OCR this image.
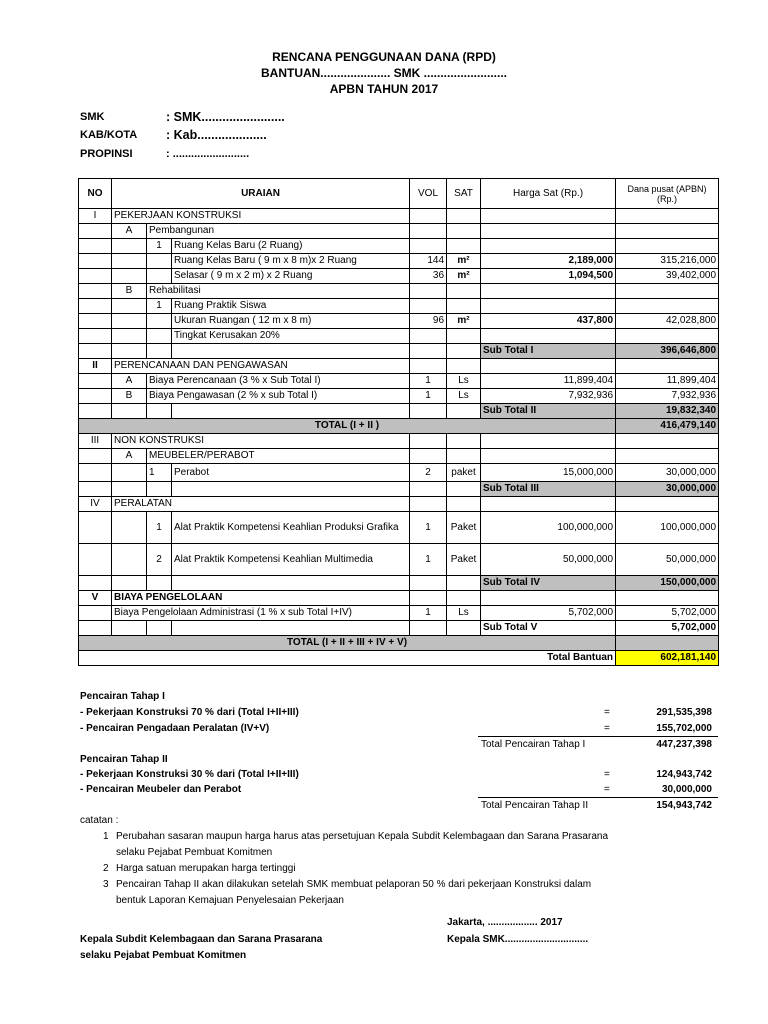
RENCANA PENGGUNAAN DANA (RPD)
BANTUAN..................... SMK .........................
APBN TAHUN 2017
SMK	: SMK........................
KAB/KOTA : Kab....................
PROPINSI	: .........................
NO	URAIAN			VOL	SAT	Harga Sat (Rp.)	Dana pusat (APBN) (Rp.)
I	PEKERJAAN KONSTRUKSI						
	A	Pembangunan					
		1	Ruang Kelas Baru (2 Ruang)				
			Ruang Kelas Baru ( 9 m x 8 m)x 2 Ruang	144	m²	2,189,000	315,216,000
			Selasar ( 9 m x 2 m) x 2 Ruang	36	m²	1,094,500	39,402,000
	B	Rehabilitasi					
		1	Ruang Praktik Siswa				
			Ukuran Ruangan ( 12 m x 8 m)	96	m²	437,800	42,028,800
			Tingkat Kerusakan 20%				
						Sub Total I	396,646,800
II	PERENCANAAN DAN PENGAWASAN						
	A	Biaya Perencanaan (3 % x Sub Total I)		1	Ls	11,899,404	11,899,404
	B	Biaya Pengawasan (2 % x sub Total I)		1	Ls	7,932,936	7,932,936
						Sub Total II	19,832,340
TOTAL (I + II )							416,479,140
III	NON KONSTRUKSI						
	A	MEUBELER/PERABOT					
		1	Perabot	2	paket	15,000,000	30,000,000
						Sub Total III	30,000,000
IV	PERALATAN						
		1	Alat Praktik Kompetensi Keahlian Produksi Grafika	1	Paket	100,000,000	100,000,000
		2	Alat Praktik Kompetensi Keahlian Multimedia	1	Paket	50,000,000	50,000,000
						Sub Total IV	150,000,000
V	BIAYA PENGELOLAAN						
	Biaya Pengelolaan Administrasi (1 % x sub Total I+IV)			1	Ls	5,702,000	5,702,000
						Sub Total V	5,702,000
TOTAL (I + II + III + IV + V)							
Total Bantuan							602,181,140
Pencairan Tahap I
- Pekerjaan Konstruksi 70 % dari (Total I+II+III)	=	291,535,398
- Pencairan Pengadaan Peralatan (IV+V)	=	155,702,000
Total Pencairan Tahap I	447,237,398
Pencairan Tahap II
- Pekerjaan Konstruksi 30 % dari (Total I+II+III)	=	124,943,742
- Pencairan Meubeler dan Perabot	=	30,000,000
Total Pencairan Tahap II	154,943,742
catatan :
1 Perubahan sasaran maupun harga harus atas persetujuan Kepala Subdit Kelembagaan dan Sarana Prasarana
selaku Pejabat Pembuat Komitmen
2 Harga satuan merupakan harga tertinggi
3 Pencairan Tahap II akan dilakukan setelah SMK membuat pelaporan 50 % dari pekerjaan Konstruksi dalam
bentuk Laporan Kemajuan Penyelesaian Pekerjaan
Jakarta, .................. 2017
Kepala Subdit Kelembagaan dan Sarana Prasarana
selaku Pejabat Pembuat Komitmen
Kepala SMK..............................
